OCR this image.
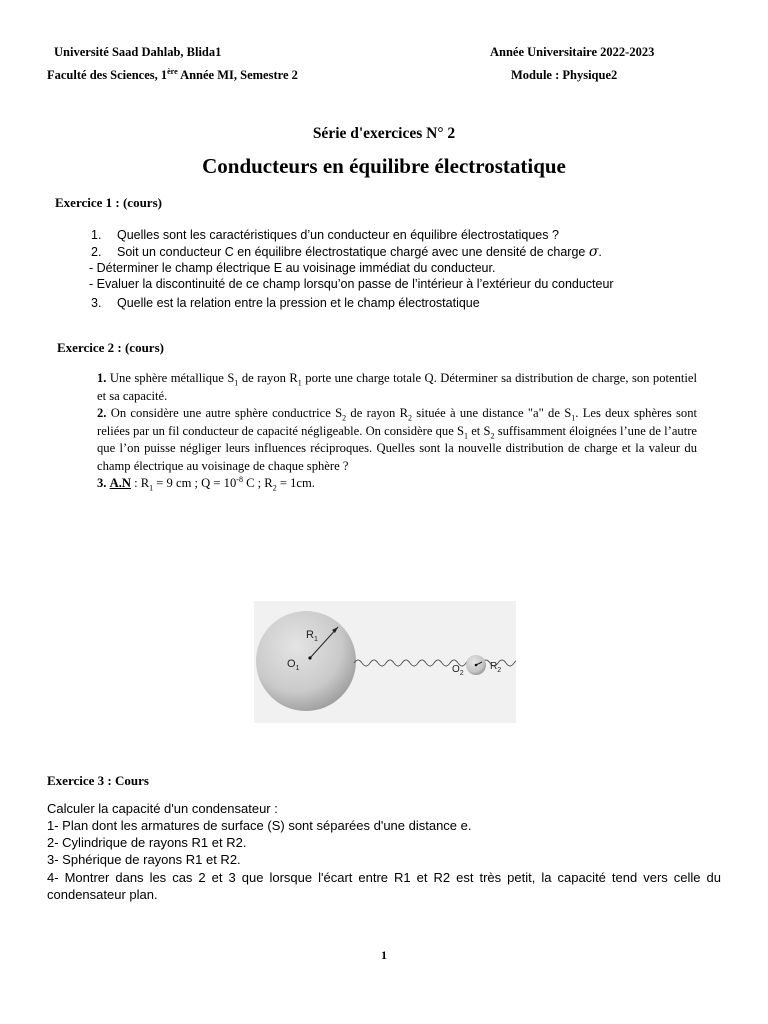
Université Saad Dahlab, Blida1	Année Universitaire 2022-2023
Faculté des Sciences, 1ère Année MI, Semestre 2	Module : Physique2
Série d'exercices N° 2
Conducteurs en équilibre électrostatique
Exercice 1 : (cours)
1. Quelles sont les caractéristiques d’un conducteur en équilibre électrostatiques ?
2. Soit un conducteur C en équilibre électrostatique chargé avec une densité de charge σ.
- Déterminer le champ électrique E au voisinage immédiat du conducteur.
- Evaluer la discontinuité de ce champ lorsqu’on passe de l’intérieur à l’extérieur du conducteur
3. Quelle est la relation entre la pression et le champ électrostatique
Exercice 2 : (cours)

1. Une sphère métallique $S_1$ de rayon $R_1$ porte une charge totale Q. Déterminer sa distribution de charge, son potentiel et sa capacité.

2. On considère une autre sphère conductrice $S_2$ de rayon $R_2$ située à une distance "a" de $S_1$. Les deux sphères sont reliées par un fil conducteur de capacité négligeable. On considère que $S_1$ et $S_2$ suffisamment éloignées l’une de l’autre que l’on puisse négliger leurs influences réciproques. Quelles sont la nouvelle distribution de charge et la valeur du champ électrique au voisinage de chaque sphère ?

3. A.N : $R_1 = 9$ cm ; $Q = 10^{-8}$ C ; $R_2 = 1cm$.

$R_1$
$O_1$	$O_2$
$R_2$
Exercice 3 : Cours
Calculer la capacité d'un condensateur :
1- Plan dont les armatures de surface (S) sont séparées d'une distance e.
2- Cylindrique de rayons R1 et R2.
3- Sphérique de rayons R1 et R2.
4- Montrer dans les cas 2 et 3 que lorsque l'écart entre R1 et R2 est très petit, la capacité tend vers celle du condensateur plan.
1
